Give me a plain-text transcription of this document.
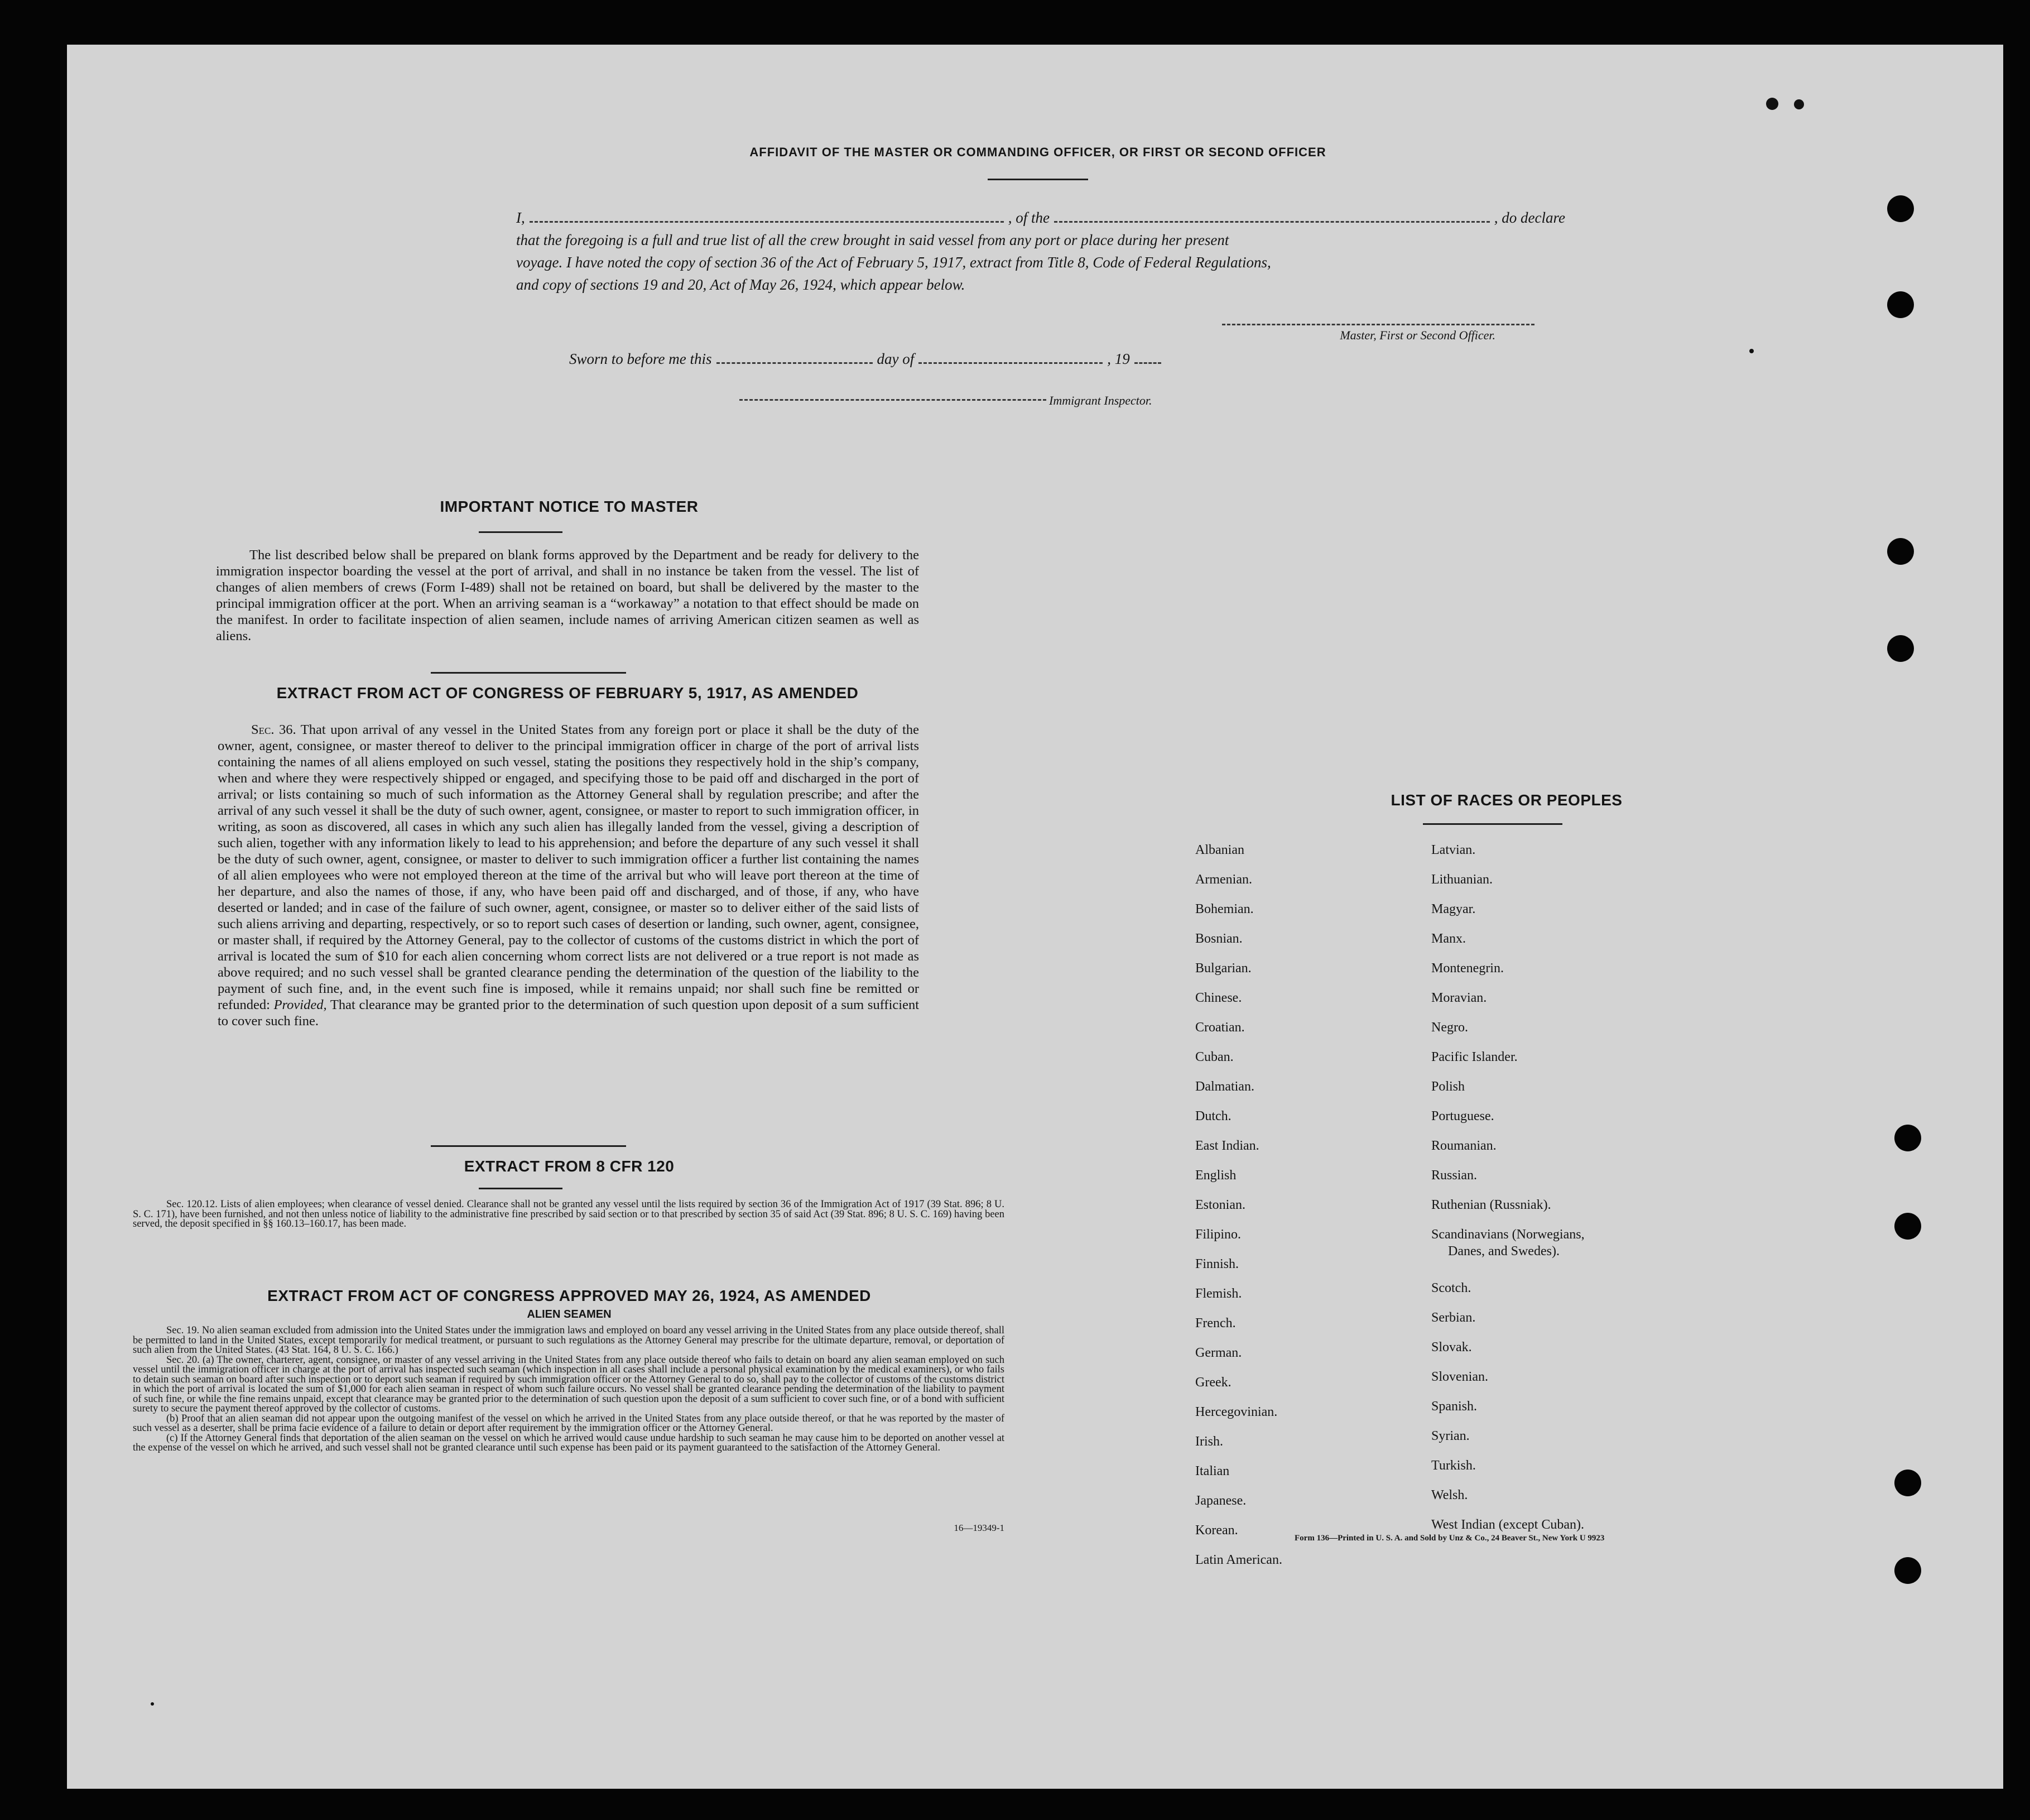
AFFIDAVIT OF THE MASTER OR COMMANDING OFFICER, OR FIRST OR SECOND OFFICER
I,	, of the	, do declare
that the foregoing is a full and true list of all the crew brought in said vessel from any port or place during her present
voyage. I have noted the copy of section 36 of the Act of February 5, 1917, extract from Title 8, Code of Federal Regulations,
and copy of sections 19 and 20, Act of May 26, 1924, which appear below.
Master, First or Second Officer.
Sworn to before me this	day of	, 19
Immigrant Inspector.
IMPORTANT NOTICE TO MASTER
The list described below shall be prepared on blank forms approved by the Department and be ready for delivery to the immigration inspector boarding the vessel at the port of arrival, and shall in no instance be taken from the vessel. The list of changes of alien members of crews (Form I-489) shall not be retained on board, but shall be delivered by the master to the principal immigration officer at the port. When an arriving seaman is a “workaway” a notation to that effect should be made on the manifest. In order to facilitate inspection of alien seamen, include names of arriving American citizen seamen as well as aliens.
EXTRACT FROM ACT OF CONGRESS OF FEBRUARY 5, 1917, AS AMENDED
Sec. 36. That upon arrival of any vessel in the United States from any foreign port or place it shall be the duty of the owner, agent, consignee, or master thereof to deliver to the principal immigration officer in charge of the port of arrival lists containing the names of all aliens employed on such vessel, stating the positions they respectively hold in the ship’s company, when and where they were respectively shipped or engaged, and specifying those to be paid off and discharged in the port of arrival; or lists containing so much of such information as the Attorney General shall by regulation prescribe; and after the arrival of any such vessel it shall be the duty of such owner, agent, consignee, or master to report to such immigration officer, in writing, as soon as discovered, all cases in which any such alien has illegally landed from the vessel, giving a description of such alien, together with any information likely to lead to his apprehension; and before the departure of any such vessel it shall be the duty of such owner, agent, consignee, or master to deliver to such immigration officer a further list containing the names of all alien employees who were not employed thereon at the time of the arrival but who will leave port thereon at the time of her departure, and also the names of those, if any, who have been paid off and discharged, and of those, if any, who have deserted or landed; and in case of the failure of such owner, agent, consignee, or master so to deliver either of the said lists of such aliens arriving and departing, respectively, or so to report such cases of desertion or landing, such owner, agent, consignee, or master shall, if required by the Attorney General, pay to the collector of customs of the customs district in which the port of arrival is located the sum of $10 for each alien concerning whom correct lists are not delivered or a true report is not made as above required; and no such vessel shall be granted clearance pending the determination of the question of the liability to the payment of such fine, and, in the event such fine is imposed, while it remains unpaid; nor shall such fine be remitted or refunded: Provided, That clearance may be granted prior to the determination of such question upon deposit of a sum sufficient to cover such fine.
EXTRACT FROM 8 CFR 120
Sec. 120.12. Lists of alien employees; when clearance of vessel denied. Clearance shall not be granted any vessel until the lists required by section 36 of the Immigration Act of 1917 (39 Stat. 896; 8 U. S. C. 171), have been furnished, and not then unless notice of liability to the administrative fine prescribed by said section or to that prescribed by section 35 of said Act (39 Stat. 896; 8 U. S. C. 169) having been served, the deposit specified in §§ 160.13–160.17, has been made.
EXTRACT FROM ACT OF CONGRESS APPROVED MAY 26, 1924, AS AMENDED
ALIEN SEAMEN
Sec. 19. No alien seaman excluded from admission into the United States under the immigration laws and employed on board any vessel arriving in the United States from any place outside thereof, shall be permitted to land in the United States, except temporarily for medical treatment, or pursuant to such regulations as the Attorney General may prescribe for the ultimate departure, removal, or deportation of such alien from the United States. (43 Stat. 164, 8 U. S. C. 166.)
Sec. 20. (a) The owner, charterer, agent, consignee, or master of any vessel arriving in the United States from any place outside thereof who fails to detain on board any alien seaman employed on such vessel until the immigration officer in charge at the port of arrival has inspected such seaman (which inspection in all cases shall include a personal physical examination by the medical examiners), or who fails to detain such seaman on board after such inspection or to deport such seaman if required by such immigration officer or the Attorney General to do so, shall pay to the collector of customs of the customs district in which the port of arrival is located the sum of $1,000 for each alien seaman in respect of whom such failure occurs. No vessel shall be granted clearance pending the determination of the liability to payment of such fine, or while the fine remains unpaid, except that clearance may be granted prior to the determination of such question upon the deposit of a sum sufficient to cover such fine, or of a bond with sufficient surety to secure the payment thereof approved by the collector of customs.
(b) Proof that an alien seaman did not appear upon the outgoing manifest of the vessel on which he arrived in the United States from any place outside thereof, or that he was reported by the master of such vessel as a deserter, shall be prima facie evidence of a failure to detain or deport after requirement by the immigration officer or the Attorney General.
(c) If the Attorney General finds that deportation of the alien seaman on the vessel on which he arrived would cause undue hardship to such seaman he may cause him to be deported on another vessel at the expense of the vessel on which he arrived, and such vessel shall not be granted clearance until such expense has been paid or its payment guaranteed to the satisfaction of the Attorney General.
16—19349-1
LIST OF RACES OR PEOPLES
Albanian
Armenian.
Bohemian.
Bosnian.
Bulgarian.
Chinese.
Croatian.
Cuban.
Dalmatian.
Dutch.
East Indian.
English
Estonian.
Filipino.
Finnish.
Flemish.
French.
German.
Greek.
Hercegovinian.
Irish.
Italian
Japanese.
Korean.
Latin American.
Latvian.
Lithuanian.
Magyar.
Manx.
Montenegrin.
Moravian.
Negro.
Pacific Islander.
Polish
Portuguese.
Roumanian.
Russian.
Ruthenian (Russniak).
Scandinavians (Norwegians,
Danes, and Swedes).
Scotch.
Serbian.
Slovak.
Slovenian.
Spanish.
Syrian.
Turkish.
Welsh.
West Indian (except Cuban).
Form 136—Printed in U. S. A. and Sold by Unz & Co., 24 Beaver St., New York U 9923
